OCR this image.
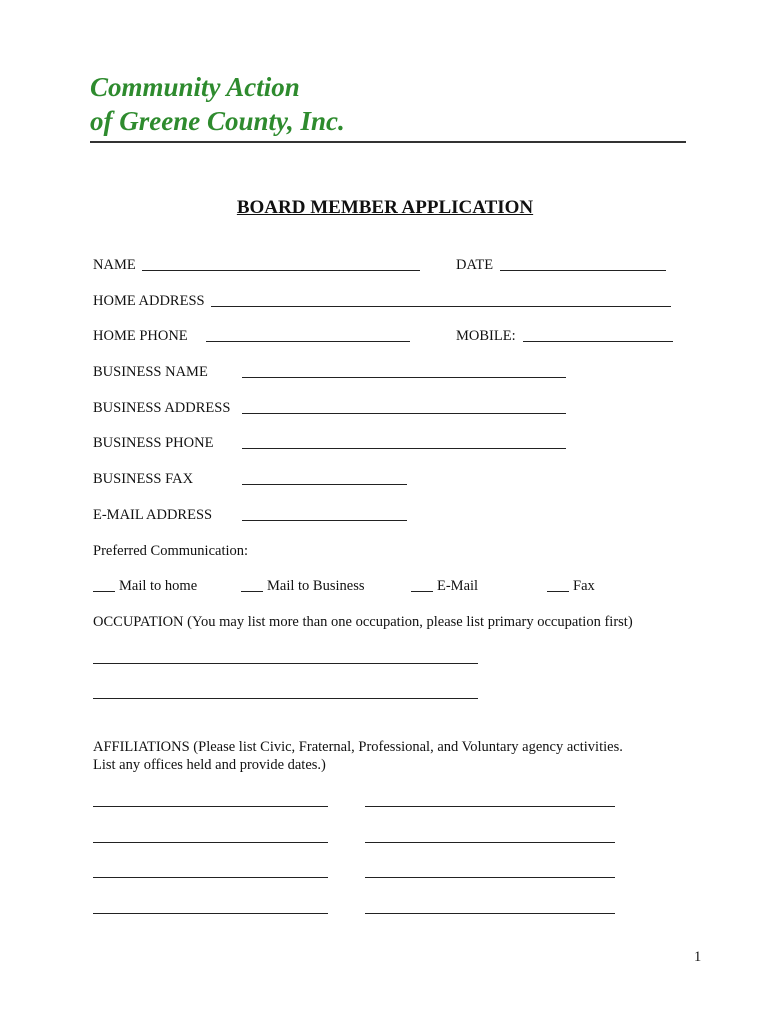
Community Action
of Greene County, Inc.
BOARD MEMBER APPLICATION
NAME	DATE
HOME ADDRESS
HOME PHONE	MOBILE:
BUSINESS NAME
BUSINESS ADDRESS
BUSINESS PHONE
BUSINESS FAX
E-MAIL ADDRESS
Preferred Communication:
Mail to home	Mail to Business	E-Mail	Fax
OCCUPATION (You may list more than one occupation, please list primary occupation first)
AFFILIATIONS (Please list Civic, Fraternal, Professional, and Voluntary agency activities.
List any offices held and provide dates.)
1
